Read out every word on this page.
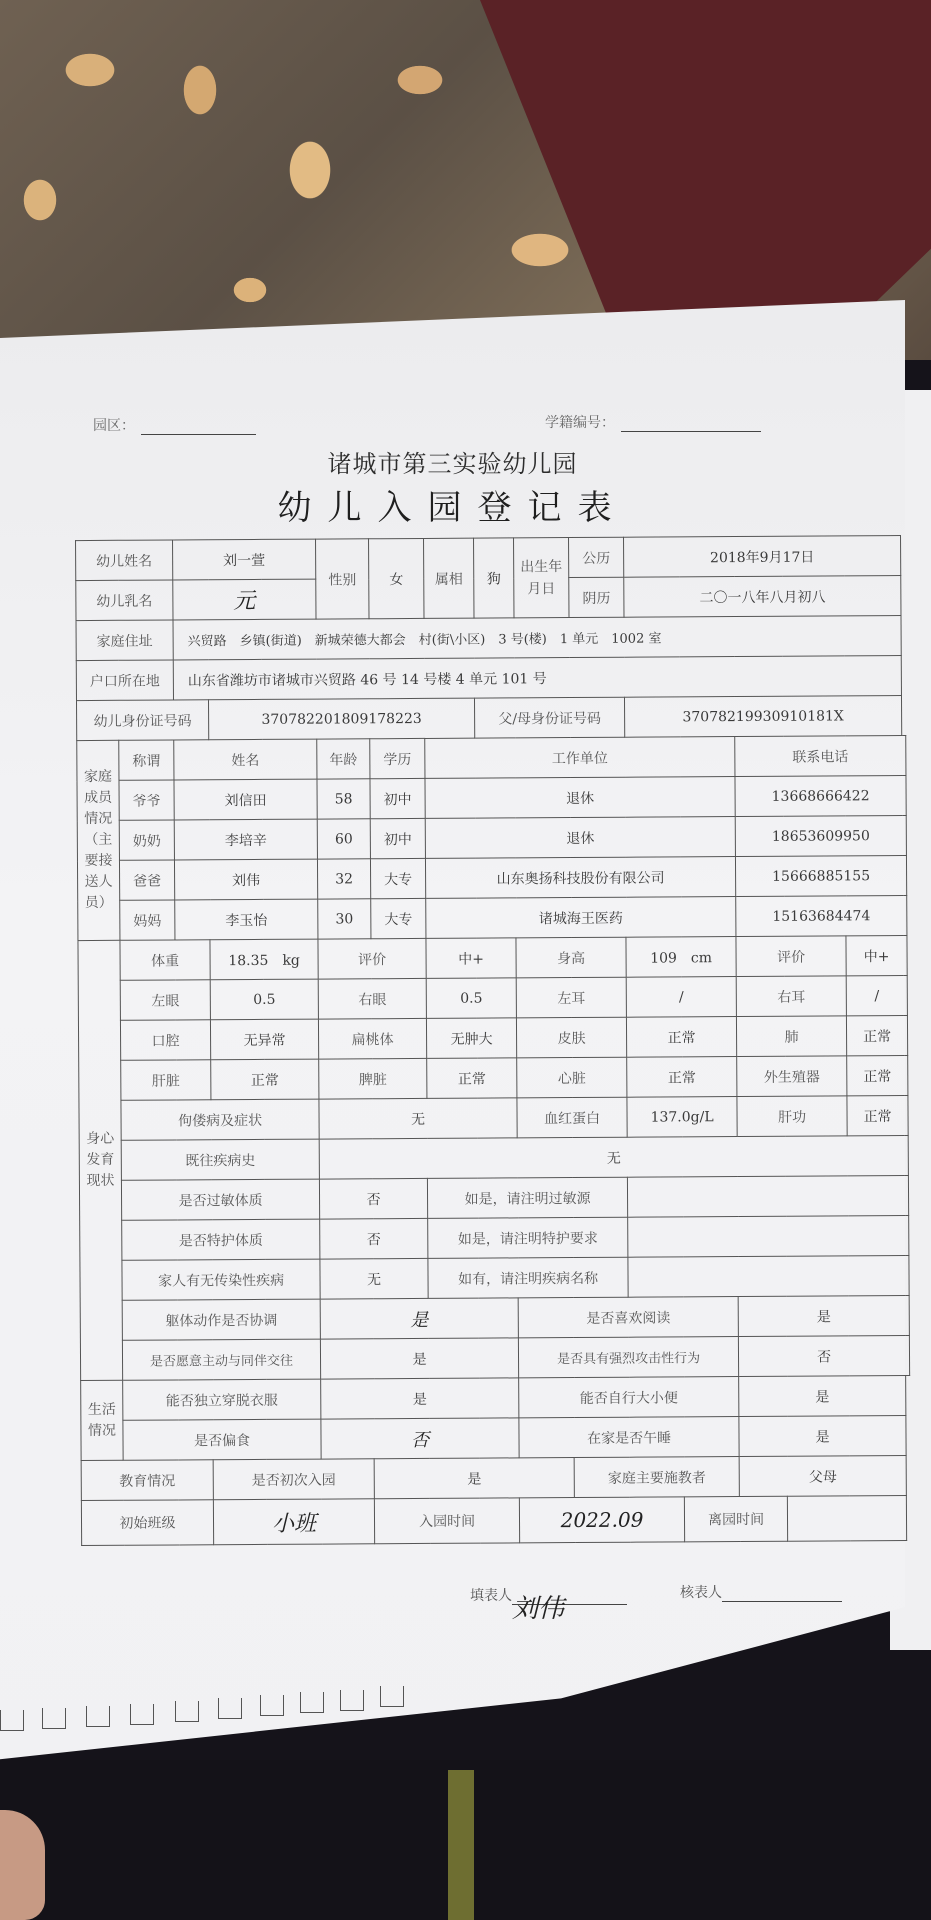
园区：	学籍编号：
诸城市第三实验幼儿园
幼儿入园登记表
幼儿姓名		刘一萱		性别	女	属相	狗	出生年月日	公历	2018年9月17日				
幼儿乳名		元							阴历	二〇一八年八月初八				
家庭住址		兴贸路　乡镇(街道)　新城荣德大都会　村(街\小区)　3 号(楼)　1 单元　1002 室												
户口所在地		山东省潍坊市诸城市兴贸路 46 号 14 号楼 4 单元 101 号												
幼儿身份证号码			370782201809178223				父/母身份证号码			37078219930910181X				
家庭成员情况（主要接送人员）	称谓	姓名		年龄	学历	工作单位						联系电话		
	爷爷	刘信田		58	初中	退休						13668666422		
	奶奶	李培辛		60	初中	退休						18653609950		
	爸爸	刘伟		32	大专	山东奥扬科技股份有限公司						15666885155		
	妈妈	李玉怡		30	大专	诸城海王医药						15163684474		
身心发育现状	体重		18.35　kg	评价		中+		身高		109　cm		评价		中+
	左眼		0.5	右眼		0.5		左耳		/		右耳		/
	口腔		无异常	扁桃体		无肿大		皮肤		正常		肺		正常
	肝脏		正常	脾脏		正常		心脏		正常		外生殖器		正常
	佝偻病及症状			无				血红蛋白		137.0g/L		肝功		正常
	既往疾病史			无										
	是否过敏体质			否		如是，请注明过敏源								
	是否特护体质			否		如是，请注明特护要求								
	家人有无传染性疾病			无		如有，请注明疾病名称								
	躯体动作是否协调			是				是否喜欢阅读				是		
	是否愿意主动与同伴交往			是				是否具有强烈攻击性行为				否		
生活情况	能否独立穿脱衣服			是				能否自行大小便				是		
	是否偏食			否				在家是否午睡				是		
教育情况			是否初次入园		是				家庭主要施教者			父母		
初始班级			小班		入园时间			2022.09			离园时间			
填表人刘伟
核表人
